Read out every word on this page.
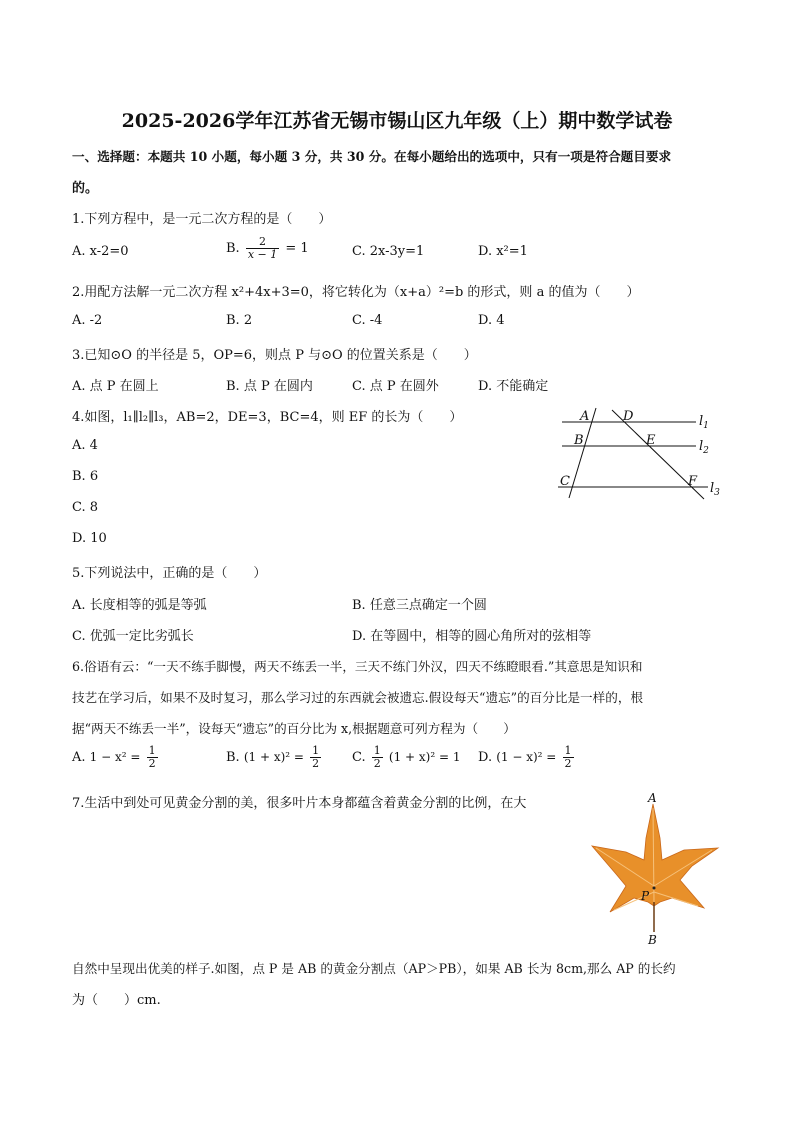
2025-2026学年江苏省无锡市锡山区九年级（上）期中数学试卷
一、选择题：本题共 10 小题，每小题 3 分，共 30 分。在每小题给出的选项中，只有一项是符合题目要求
的。
1.下列方程中，是一元二次方程的是（　　）
A. x-2=0	B. $\frac{2}{x - 1} = 1$	C. 2x-3y=1	D. x²=1
2.用配方法解一元二次方程 x²+4x+3=0，将它转化为（x+a）²=b 的形式，则 a 的值为（　　）
A. -2	B. 2	C. -4	D. 4
3.已知⊙O 的半径是 5，OP=6，则点 P 与⊙O 的位置关系是（　　）
A. 点 P 在圆上	B. 点 P 在圆内	C. 点 P 在圆外	D. 不能确定
4.如图，l₁∥l₂∥l₃，AB=2，DE=3，BC=4，则 EF 的长为（　　）
A. 4
B. 6
C. 8
D. 10
A	D
B	E
C	F
$l_1$
$l_2$
$l_3$
5.下列说法中，正确的是（　　）
A. 长度相等的弧是等弧	B. 任意三点确定一个圆
C. 优弧一定比劣弧长	D. 在等圆中，相等的圆心角所对的弦相等
6.俗语有云：“一天不练手脚慢，两天不练丢一半，三天不练门外汉，四天不练瞪眼看.”其意思是知识和
技艺在学习后，如果不及时复习，那么学习过的东西就会被遗忘.假设每天“遗忘”的百分比是一样的，根
据“两天不练丢一半”，设每天“遗忘”的百分比为 x,根据题意可列方程为（　　）
A. $1 - x^2 = \frac{1}{2}$	B. $(1 + x)^2 = \frac{1}{2} C$. $\frac{1}{2} (1 + x)^2 = 1$ D. $(1 - x)^2 = \frac{1}{2}$
7.生活中到处可见黄金分割的美，很多叶片本身都蕴含着黄金分割的比例，在大	A
P
B
自然中呈现出优美的样子.如图，点 P 是 AB 的黄金分割点（AP＞PB），如果 AB 长为 8cm,那么 AP 的长约
为（　　）cm.
